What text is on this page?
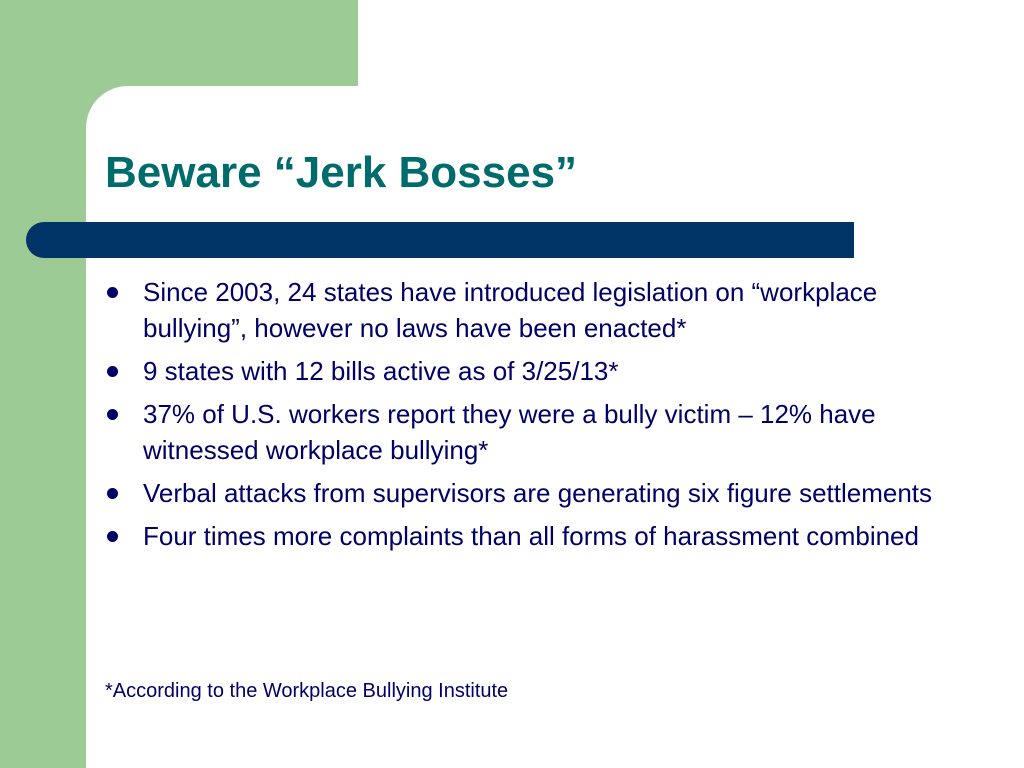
Beware “Jerk Bosses”
Since 2003, 24 states have introduced legislation on “workplace bullying”, however no laws have been enacted*
9 states with 12 bills active as of 3/25/13*
37% of U.S. workers report they were a bully victim – 12% have witnessed workplace bullying*
Verbal attacks from supervisors are generating six figure settlements
Four times more complaints than all forms of harassment combined
*According to the Workplace Bullying Institute
